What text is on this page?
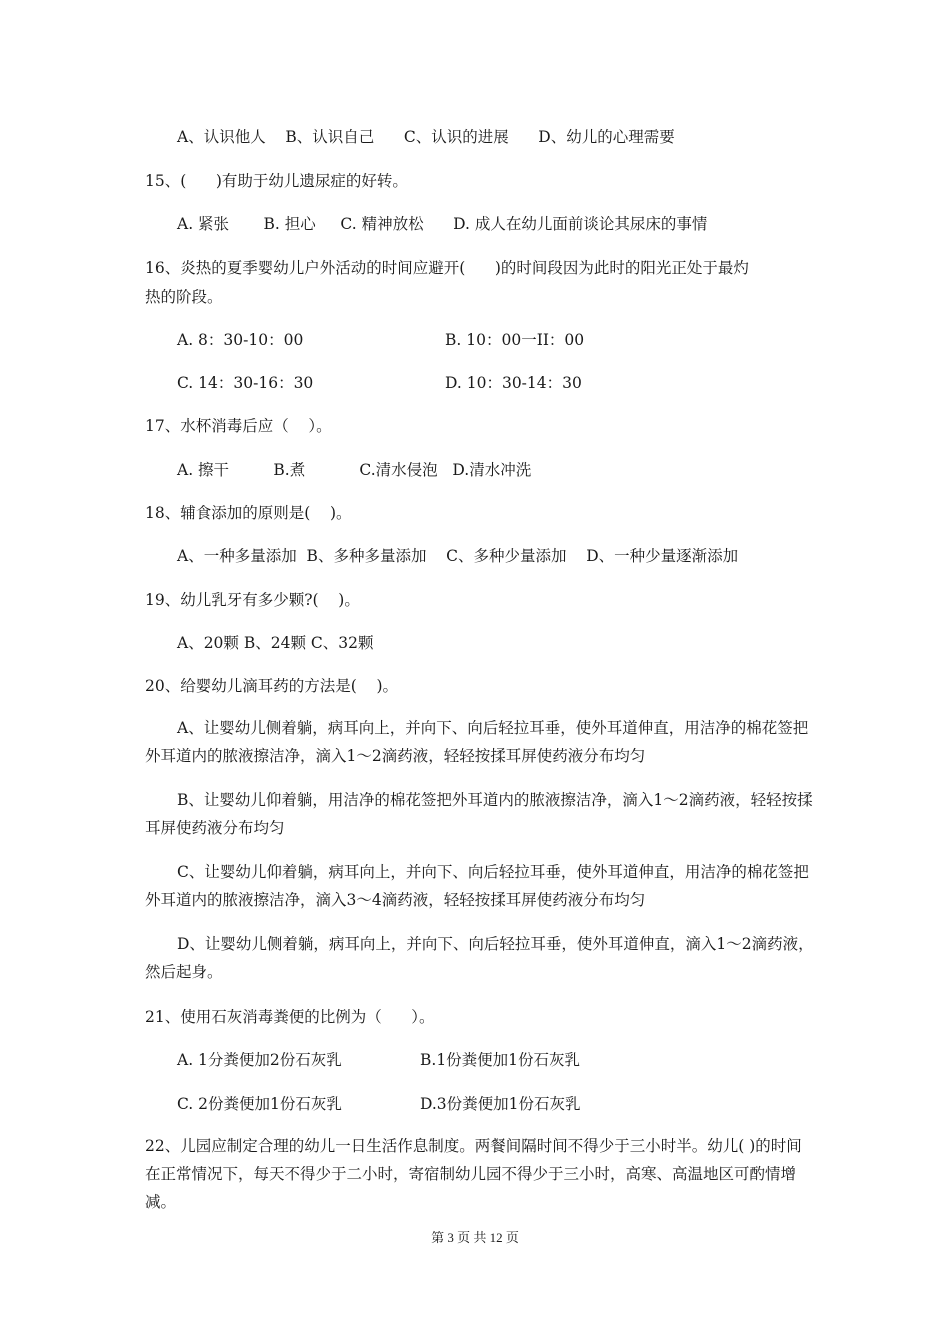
A、认识他人    B、认识自己      C、认识的进展      D、幼儿的心理需要
15、(      )有助于幼儿遗尿症的好转。
A. 紧张       B. 担心     C. 精神放松      D. 成人在幼儿面前谈论其尿床的事情
16、炎热的夏季婴幼儿户外活动的时间应避开(      )的时间段因为此时的阳光正处于最灼
热的阶段。
A. 8：30-10：00	B. 10：00一II：00
C. 14：30-16：30	D. 10：30-14：30
17、水杯消毒后应（    ）。
A. 擦干         B.煮           C.清水侵泡   D.清水冲洗
18、辅食添加的原则是(    )。
A、一种多量添加  B、多种多量添加    C、多种少量添加    D、一种少量逐渐添加
19、幼儿乳牙有多少颗?(    )。
A、20颗 B、24颗 C、32颗
20、给婴幼儿滴耳药的方法是(    )。
A、让婴幼儿侧着躺，病耳向上，并向下、向后轻拉耳垂，使外耳道伸直，用洁净的棉花签把外耳道内的脓液擦洁净，滴入1～2滴药液，轻轻按揉耳屏使药液分布均匀
B、让婴幼儿仰着躺，用洁净的棉花签把外耳道内的脓液擦洁净，滴入1～2滴药液，轻轻按揉耳屏使药液分布均匀
C、让婴幼儿仰着躺，病耳向上，并向下、向后轻拉耳垂，使外耳道伸直，用洁净的棉花签把外耳道内的脓液擦洁净，滴入3～4滴药液，轻轻按揉耳屏使药液分布均匀
D、让婴幼儿侧着躺，病耳向上，并向下、向后轻拉耳垂，使外耳道伸直，滴入1～2滴药液，然后起身。
21、使用石灰消毒粪便的比例为（      ）。
A. 1分粪便加2份石灰乳	B.1份粪便加1份石灰乳
C. 2份粪便加1份石灰乳	D.3份粪便加1份石灰乳
22、儿园应制定合理的幼儿一日生活作息制度。两餐间隔时间不得少于三小时半。幼儿( )的时间在正常情况下，每天不得少于二小时，寄宿制幼儿园不得少于三小时，高寒、高温地区可酌情增减。
第 3 页 共 12 页
